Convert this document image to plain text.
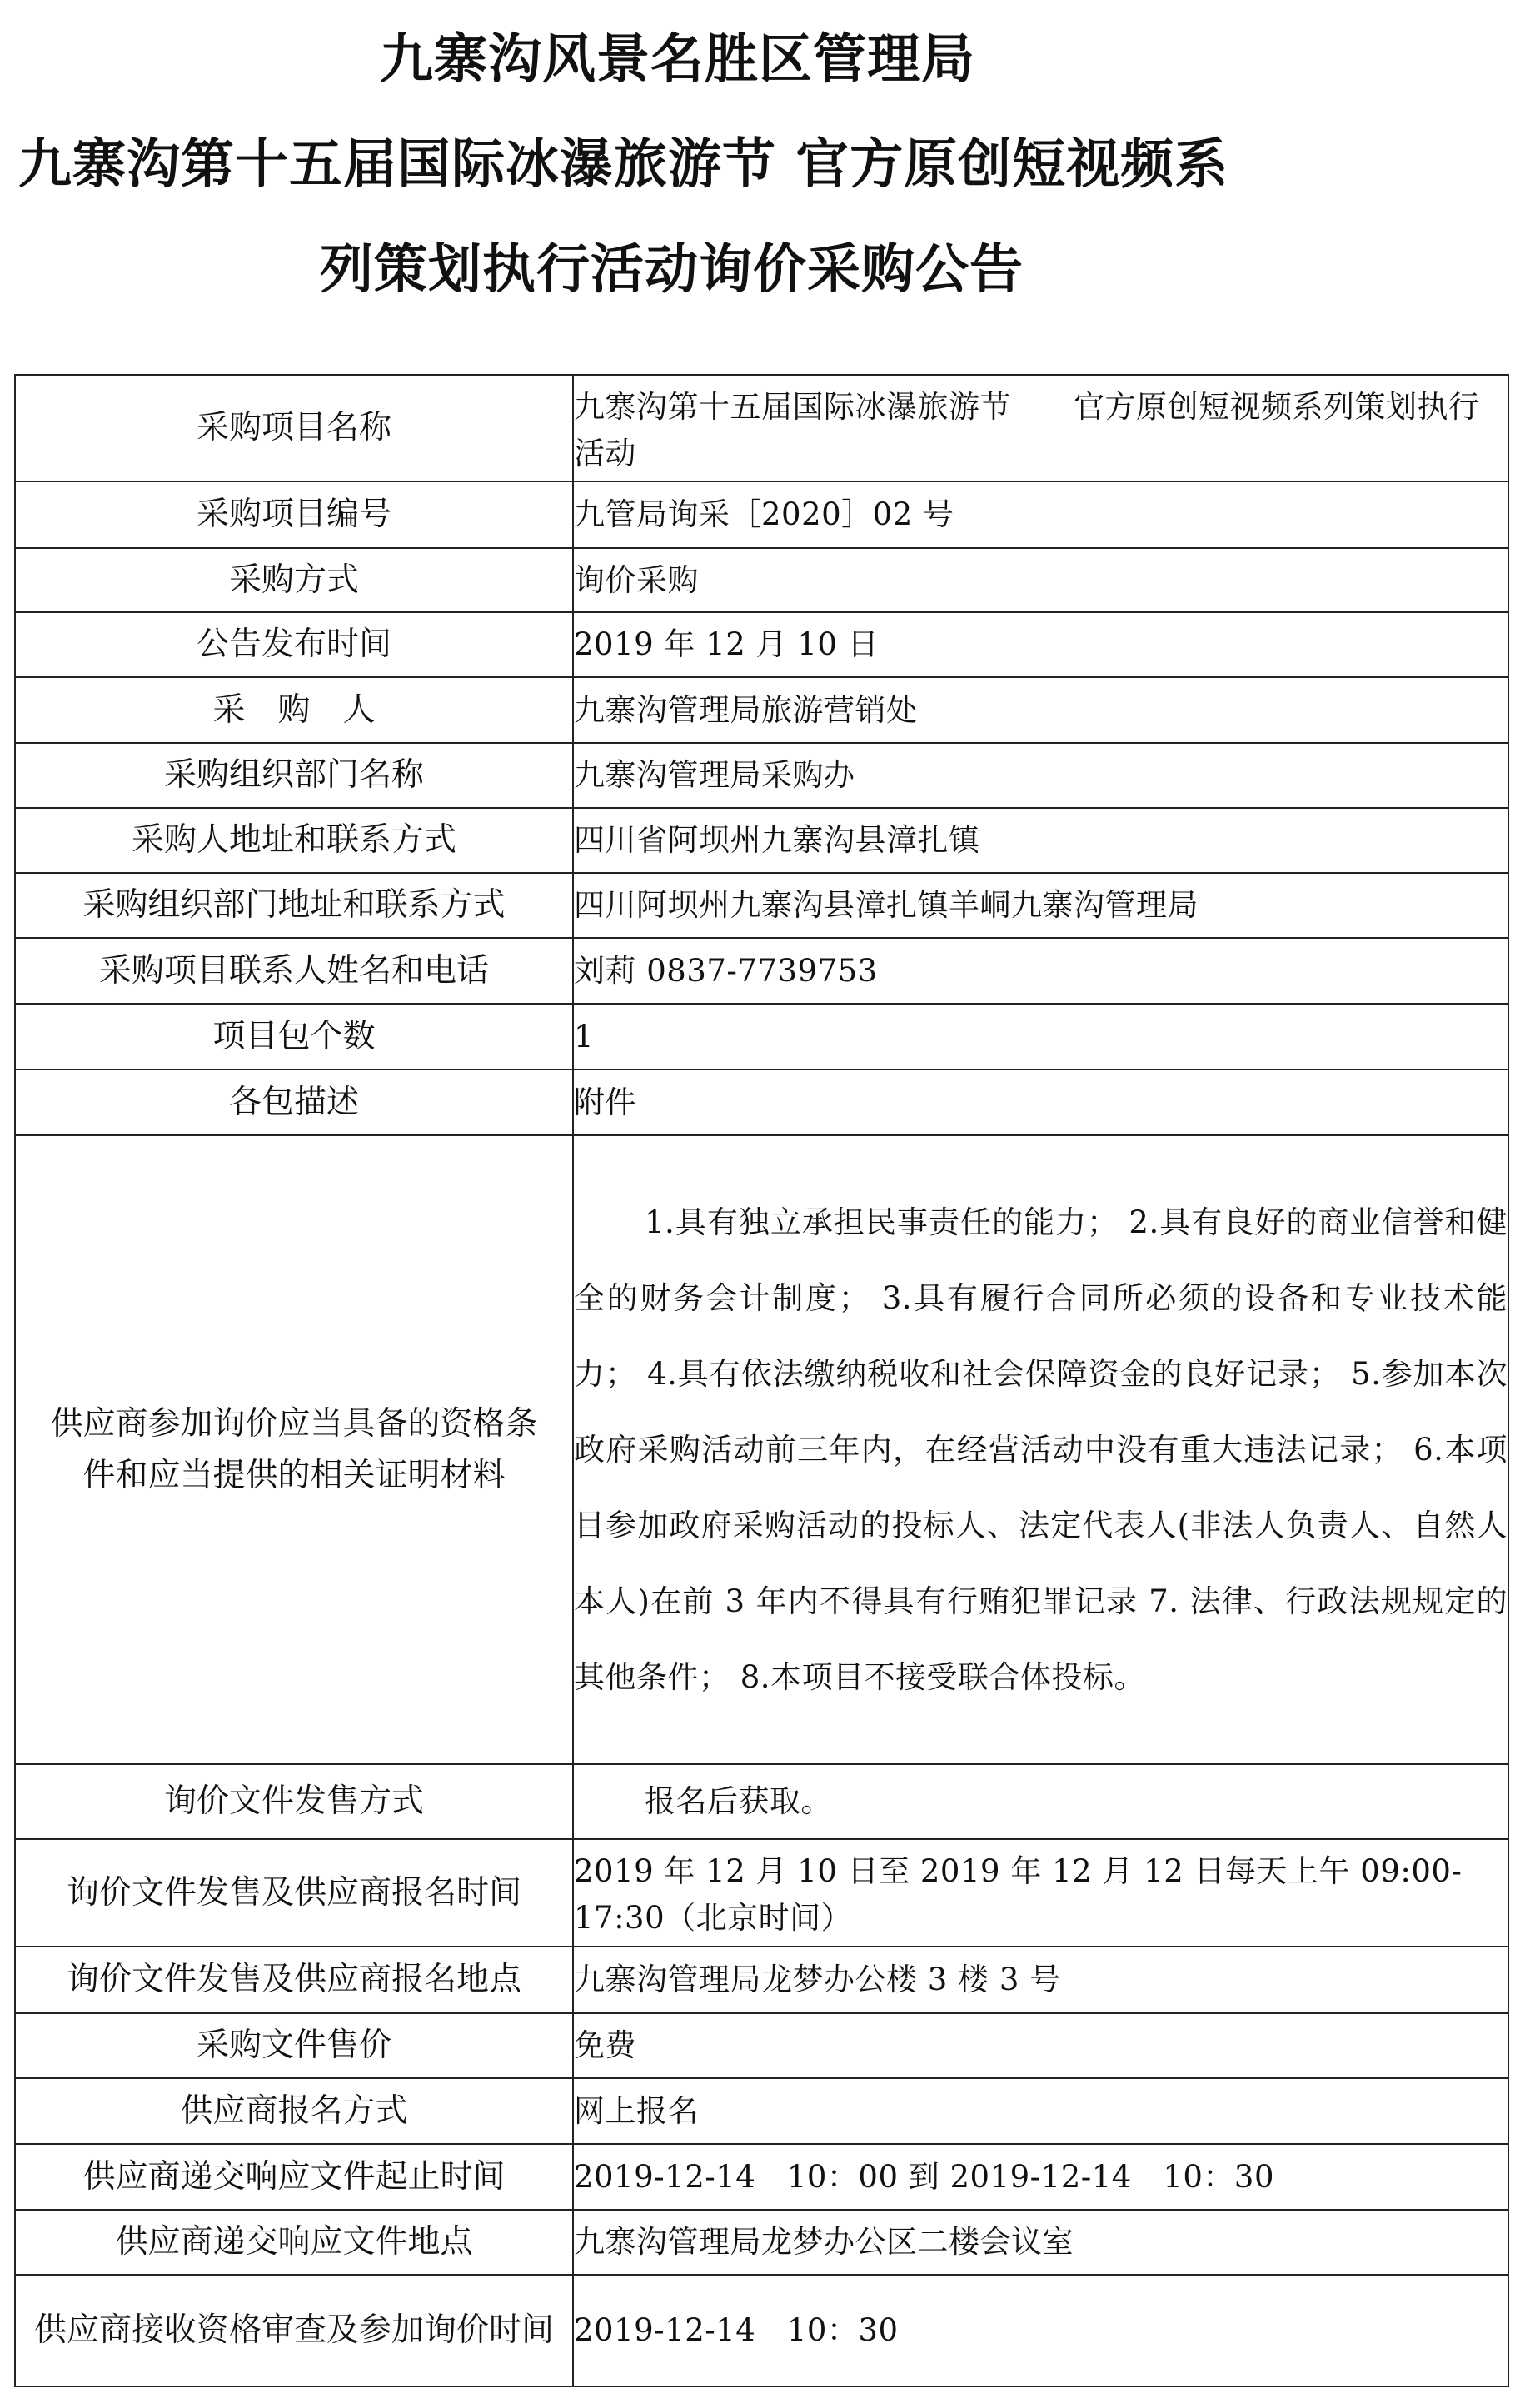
九寨沟风景名胜区管理局
九寨沟第十五届国际冰瀑旅游节 官方原创短视频系
列策划执行活动询价采购公告
采购项目名称	九寨沟第十五届国际冰瀑旅游节　　官方原创短视频系列策划执行活动
采购项目编号	九管局询采［2020］02 号
采购方式	询价采购
公告发布时间	2019 年 12 月 10 日
采　购　人	九寨沟管理局旅游营销处
采购组织部门名称	九寨沟管理局采购办
采购人地址和联系方式	四川省阿坝州九寨沟县漳扎镇
采购组织部门地址和联系方式	四川阿坝州九寨沟县漳扎镇羊峒九寨沟管理局
采购项目联系人姓名和电话	刘莉 0837-7739753
项目包个数	1
各包描述	附件
供应商参加询价应当具备的资格条件和应当提供的相关证明材料	1.具有独立承担民事责任的能力； 2.具有良好的商业信誉和健全的财务会计制度； 3.具有履行合同所必须的设备和专业技术能力； 4.具有依法缴纳税收和社会保障资金的良好记录； 5.参加本次政府采购活动前三年内，在经营活动中没有重大违法记录； 6.本项目参加政府采购活动的投标人、法定代表人(非法人负责人、自然人本人)在前 3 年内不得具有行贿犯罪记录 7. 法律、行政法规规定的其他条件； 8.本项目不接受联合体投标。
询价文件发售方式	报名后获取。
询价文件发售及供应商报名时间	2019 年 12 月 10 日至 2019 年 12 月 12 日每天上午 09:00-17:30（北京时间）
询价文件发售及供应商报名地点	九寨沟管理局龙梦办公楼 3 楼 3 号
采购文件售价	免费
供应商报名方式	网上报名
供应商递交响应文件起止时间	2019-12-14　10：00 到 2019-12-14　10：30
供应商递交响应文件地点	九寨沟管理局龙梦办公区二楼会议室
供应商接收资格审查及参加询价时间	2019-12-14　10：30
